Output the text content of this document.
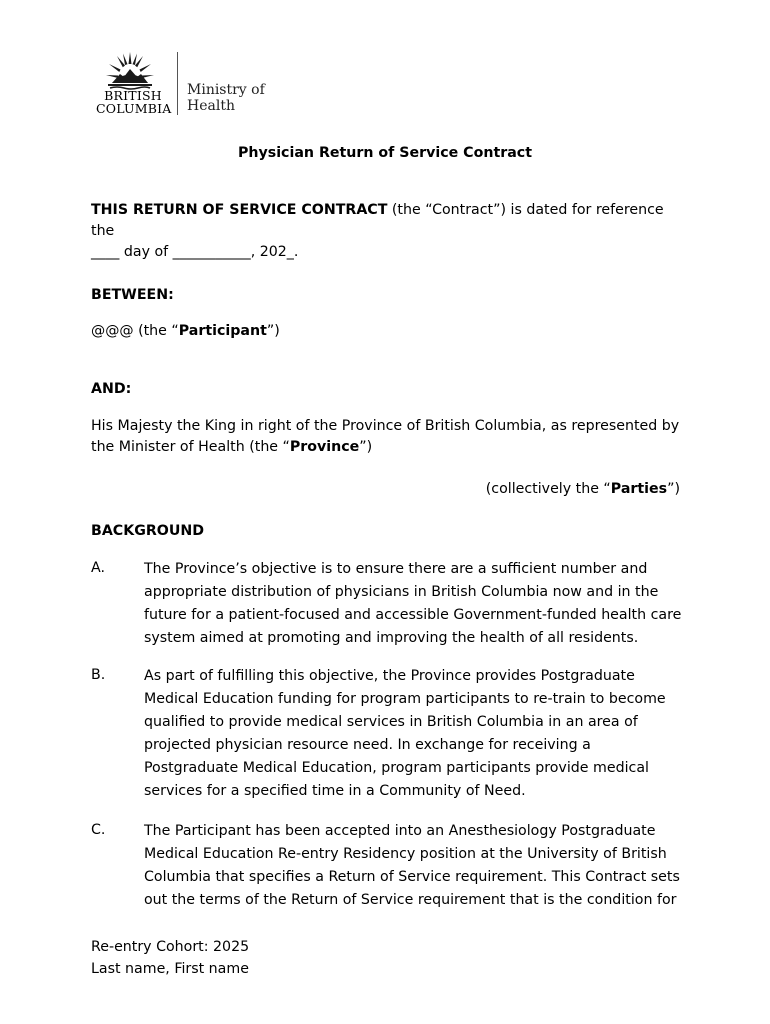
BRITISH
COLUMBIA
Ministry of
Health
Physician Return of Service Contract
THIS RETURN OF SERVICE CONTRACT (the “Contract”) is dated for reference the
____ day of ___________, 202_.
BETWEEN:
@@@ (the “Participant”)
AND:
His Majesty the King in right of the Province of British Columbia, as represented by
the Minister of Health (the “Province”)
(collectively the “Parties”)
BACKGROUND
A.	The Province’s objective is to ensure there are a sufficient number and appropriate distribution of physicians in British Columbia now and in the future for a patient-focused and accessible Government-funded health care system aimed at promoting and improving the health of all residents.
B.	As part of fulfilling this objective, the Province provides Postgraduate Medical Education funding for program participants to re-train to become qualified to provide medical services in British Columbia in an area of projected physician resource need. In exchange for receiving a Postgraduate Medical Education, program participants provide medical services for a specified time in a Community of Need.
C.	The Participant has been accepted into an Anesthesiology Postgraduate Medical Education Re-entry Residency position at the University of British Columbia that specifies a Return of Service requirement. This Contract sets out the terms of the Return of Service requirement that is the condition for
Re-entry Cohort: 2025
Last name, First name
